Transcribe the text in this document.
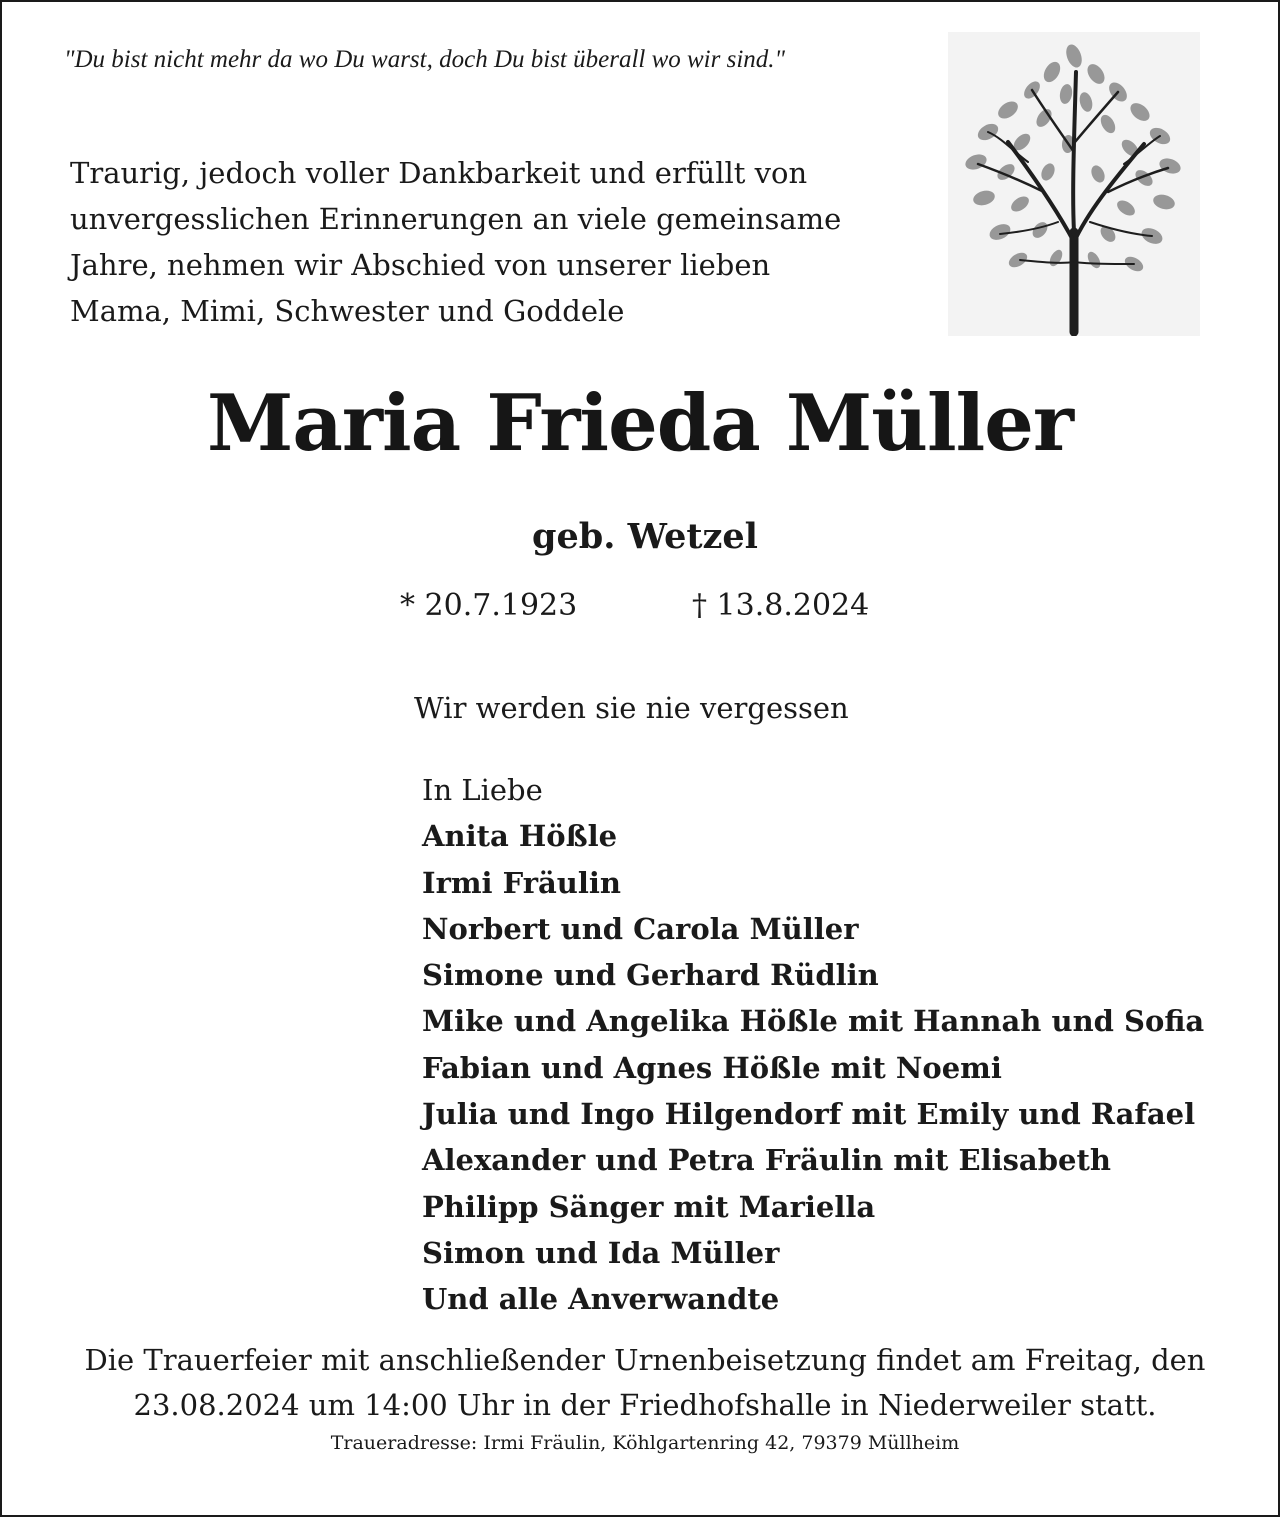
"Du bist nicht mehr da wo Du warst, doch Du bist überall wo wir sind."
Traurig, jedoch voller Dankbarkeit und erfüllt von
unvergesslichen Erinnerungen an viele gemeinsame
Jahre, nehmen wir Abschied von unserer lieben
Mama, Mimi, Schwester und Goddele
Maria Frieda Müller
geb. Wetzel
* 20.7.1923	† 13.8.2024
Wir werden sie nie vergessen
In Liebe
Anita Hößle
Irmi Fräulin
Norbert und Carola Müller
Simone und Gerhard Rüdlin
Mike und Angelika Hößle mit Hannah und Sofia
Fabian und Agnes Hößle mit Noemi
Julia und Ingo Hilgendorf mit Emily und Rafael
Alexander und Petra Fräulin mit Elisabeth
Philipp Sänger mit Mariella
Simon und Ida Müller
Und alle Anverwandte
Die Trauerfeier mit anschließender Urnenbeisetzung findet am Freitag, den
23.08.2024 um 14:00 Uhr in der Friedhofshalle in Niederweiler statt.
Traueradresse: Irmi Fräulin, Köhlgartenring 42, 79379 Müllheim
